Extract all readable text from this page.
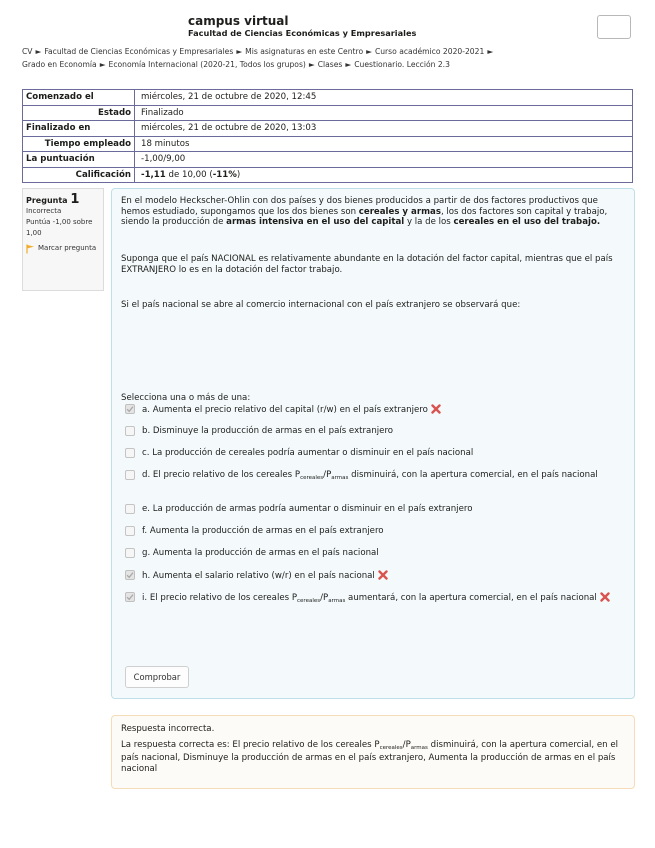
campus virtual
Facultad de Ciencias Económicas y Empresariales
CV ► Facultad de Ciencias Económicas y Empresariales ► Mis asignaturas en este Centro ► Curso académico 2020-2021 ►
Grado en Economía ► Economía Internacional (2020-21, Todos los grupos) ► Clases ► Cuestionario. Lección 2.3
Comenzado el	miércoles, 21 de octubre de 2020, 12:45
Estado	Finalizado
Finalizado en	miércoles, 21 de octubre de 2020, 13:03
Tiempo empleado	18 minutos
La puntuación	-1,00/9,00
Calificación	-1,11 de 10,00 (-11%)
Pregunta 1
Incorrecta
Puntúa -1,00 sobre 1,00
Marcar pregunta

En el modelo Heckscher-Ohlin con dos países y dos bienes producidos a partir de dos factores productivos que hemos estudiado, supongamos que los dos bienes son cereales y armas, los dos factores son capital y trabajo, siendo la producción de armas intensiva en el uso del capital y la de los cereales en el uso del trabajo.

Suponga que el país NACIONAL es relativamente abundante en la dotación del factor capital, mientras que el país EXTRANJERO lo es en la dotación del factor trabajo.

Si el país nacional se abre al comercio internacional con el país extranjero se observará que:

Selecciona una o más de una:

a. Aumenta el precio relativo del capital (r/w) en el país extranjero
b. Disminuye la producción de armas en el país extranjero
c. La producción de cereales podría aumentar o disminuir en el país nacional
d. El precio relativo de los cereales $P_{cereales}/P_{armas}$ disminuirá, con la apertura comercial, en el país nacional
e. La producción de armas podría aumentar o disminuir en el país extranjero
f. Aumenta la producción de armas en el país extranjero
g. Aumenta la producción de armas en el país nacional
h. Aumenta el salario relativo (w/r) en el país nacional
i. El precio relativo de los cereales $P_{cereales}/P_{armas}$ aumentará, con la apertura comercial, en el país nacional
Comprobar

Respuesta incorrecta.

La respuesta correcta es: El precio relativo de los cereales $P_{cereales}/P_{armas}$ disminuirá, con la apertura comercial, en el país nacional, Disminuye la producción de armas en el país extranjero, Aumenta la producción de armas en el país nacional
